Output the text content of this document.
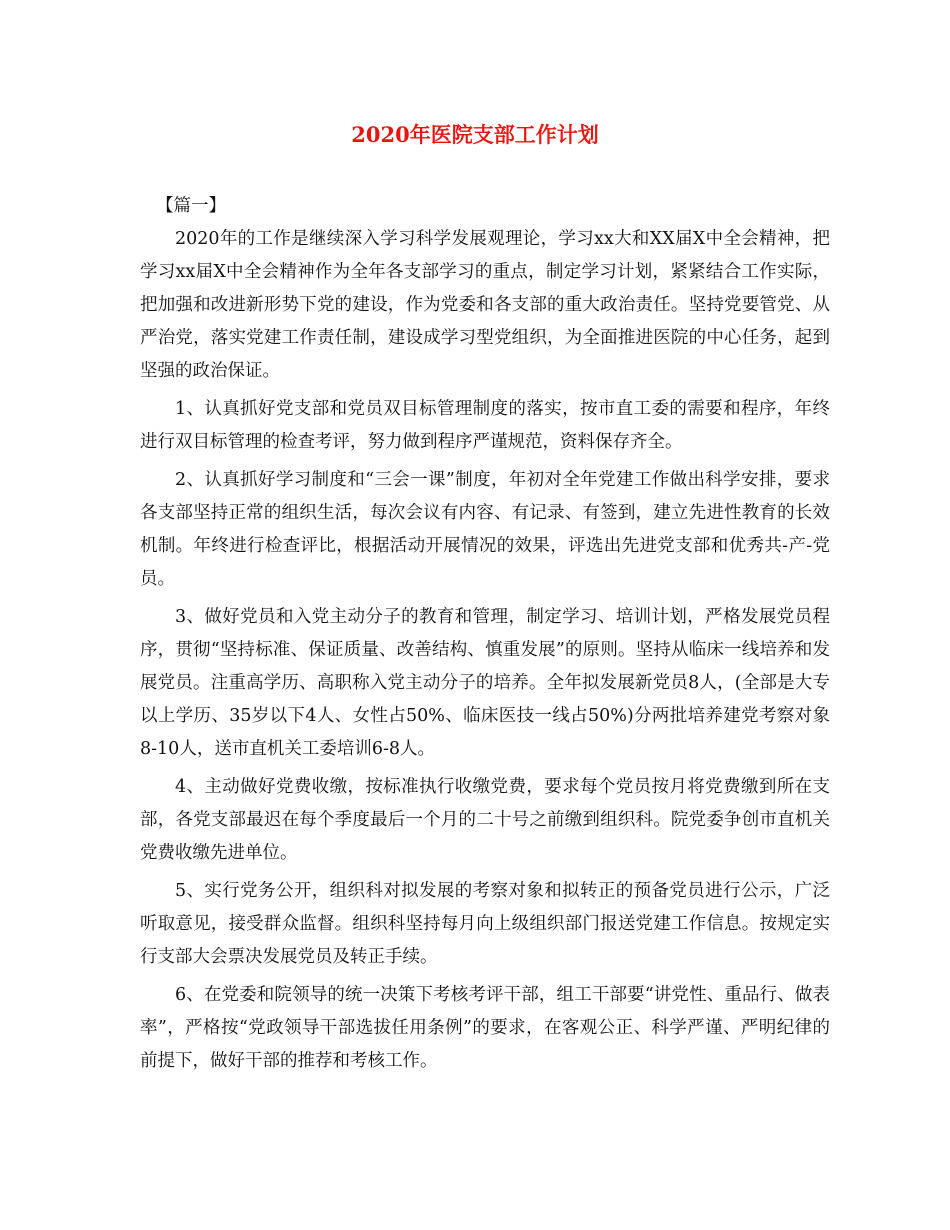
2020年医院支部工作计划

【篇一】

2020年的工作是继续深入学习科学发展观理论，学习xx大和XX届X中全会精神，把学习xx届X中全会精神作为全年各支部学习的重点，制定学习计划，紧紧结合工作实际，把加强和改进新形势下党的建设，作为党委和各支部的重大政治责任。坚持党要管党、从严治党，落实党建工作责任制，建设成学习型党组织，为全面推进医院的中心任务，起到坚强的政治保证。

1、认真抓好党支部和党员双目标管理制度的落实，按市直工委的需要和程序，年终进行双目标管理的检查考评，努力做到程序严谨规范，资料保存齐全。

2、认真抓好学习制度和“三会一课”制度，年初对全年党建工作做出科学安排，要求各支部坚持正常的组织生活，每次会议有内容、有记录、有签到，建立先进性教育的长效机制。年终进行检查评比，根据活动开展情况的效果，评选出先进党支部和优秀共-产-党员。

3、做好党员和入党主动分子的教育和管理，制定学习、培训计划，严格发展党员程序，贯彻“坚持标准、保证质量、改善结构、慎重发展”的原则。坚持从临床一线培养和发展党员。注重高学历、高职称入党主动分子的培养。全年拟发展新党员8人，(全部是大专以上学历、35岁以下4人、女性占50%、临床医技一线占50%)分两批培养建党考察对象8-10人，送市直机关工委培训6-8人。

4、主动做好党费收缴，按标准执行收缴党费，要求每个党员按月将党费缴到所在支部，各党支部最迟在每个季度最后一个月的二十号之前缴到组织科。院党委争创市直机关党费收缴先进单位。

5、实行党务公开，组织科对拟发展的考察对象和拟转正的预备党员进行公示，广泛听取意见，接受群众监督。组织科坚持每月向上级组织部门报送党建工作信息。按规定实行支部大会票决发展党员及转正手续。

6、在党委和院领导的统一决策下考核考评干部，组工干部要“讲党性、重品行、做表率”，严格按“党政领导干部选拔任用条例”的要求，在客观公正、科学严谨、严明纪律的前提下，做好干部的推荐和考核工作。
